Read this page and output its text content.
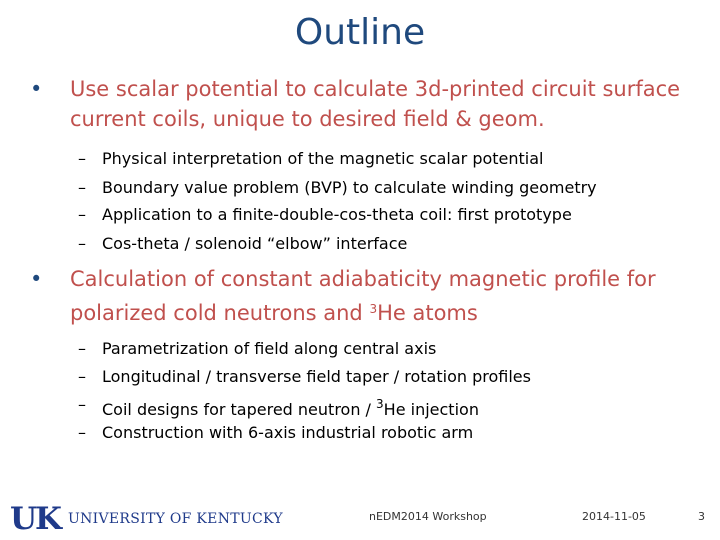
Outline
• Use scalar potential to calculate 3d-printed circuit surface current coils, unique to desired field & geom.
– Physical interpretation of the magnetic scalar potential
– Boundary value problem (BVP) to calculate winding geometry
– Application to a finite-double-cos-theta coil: first prototype
– Cos-theta / solenoid “elbow” interface
• Calculation of constant adiabaticity magnetic profile for polarized cold neutrons and $^3$He atoms
– Parametrization of field along central axis
– Longitudinal / transverse field taper / rotation profiles
– Coil designs for tapered neutron / $^3$He injection
– Construction with 6-axis industrial robotic arm
UK UNIVERSITY OF KENTUCKY	nEDM2014 Workshop	2014-11-05	3
